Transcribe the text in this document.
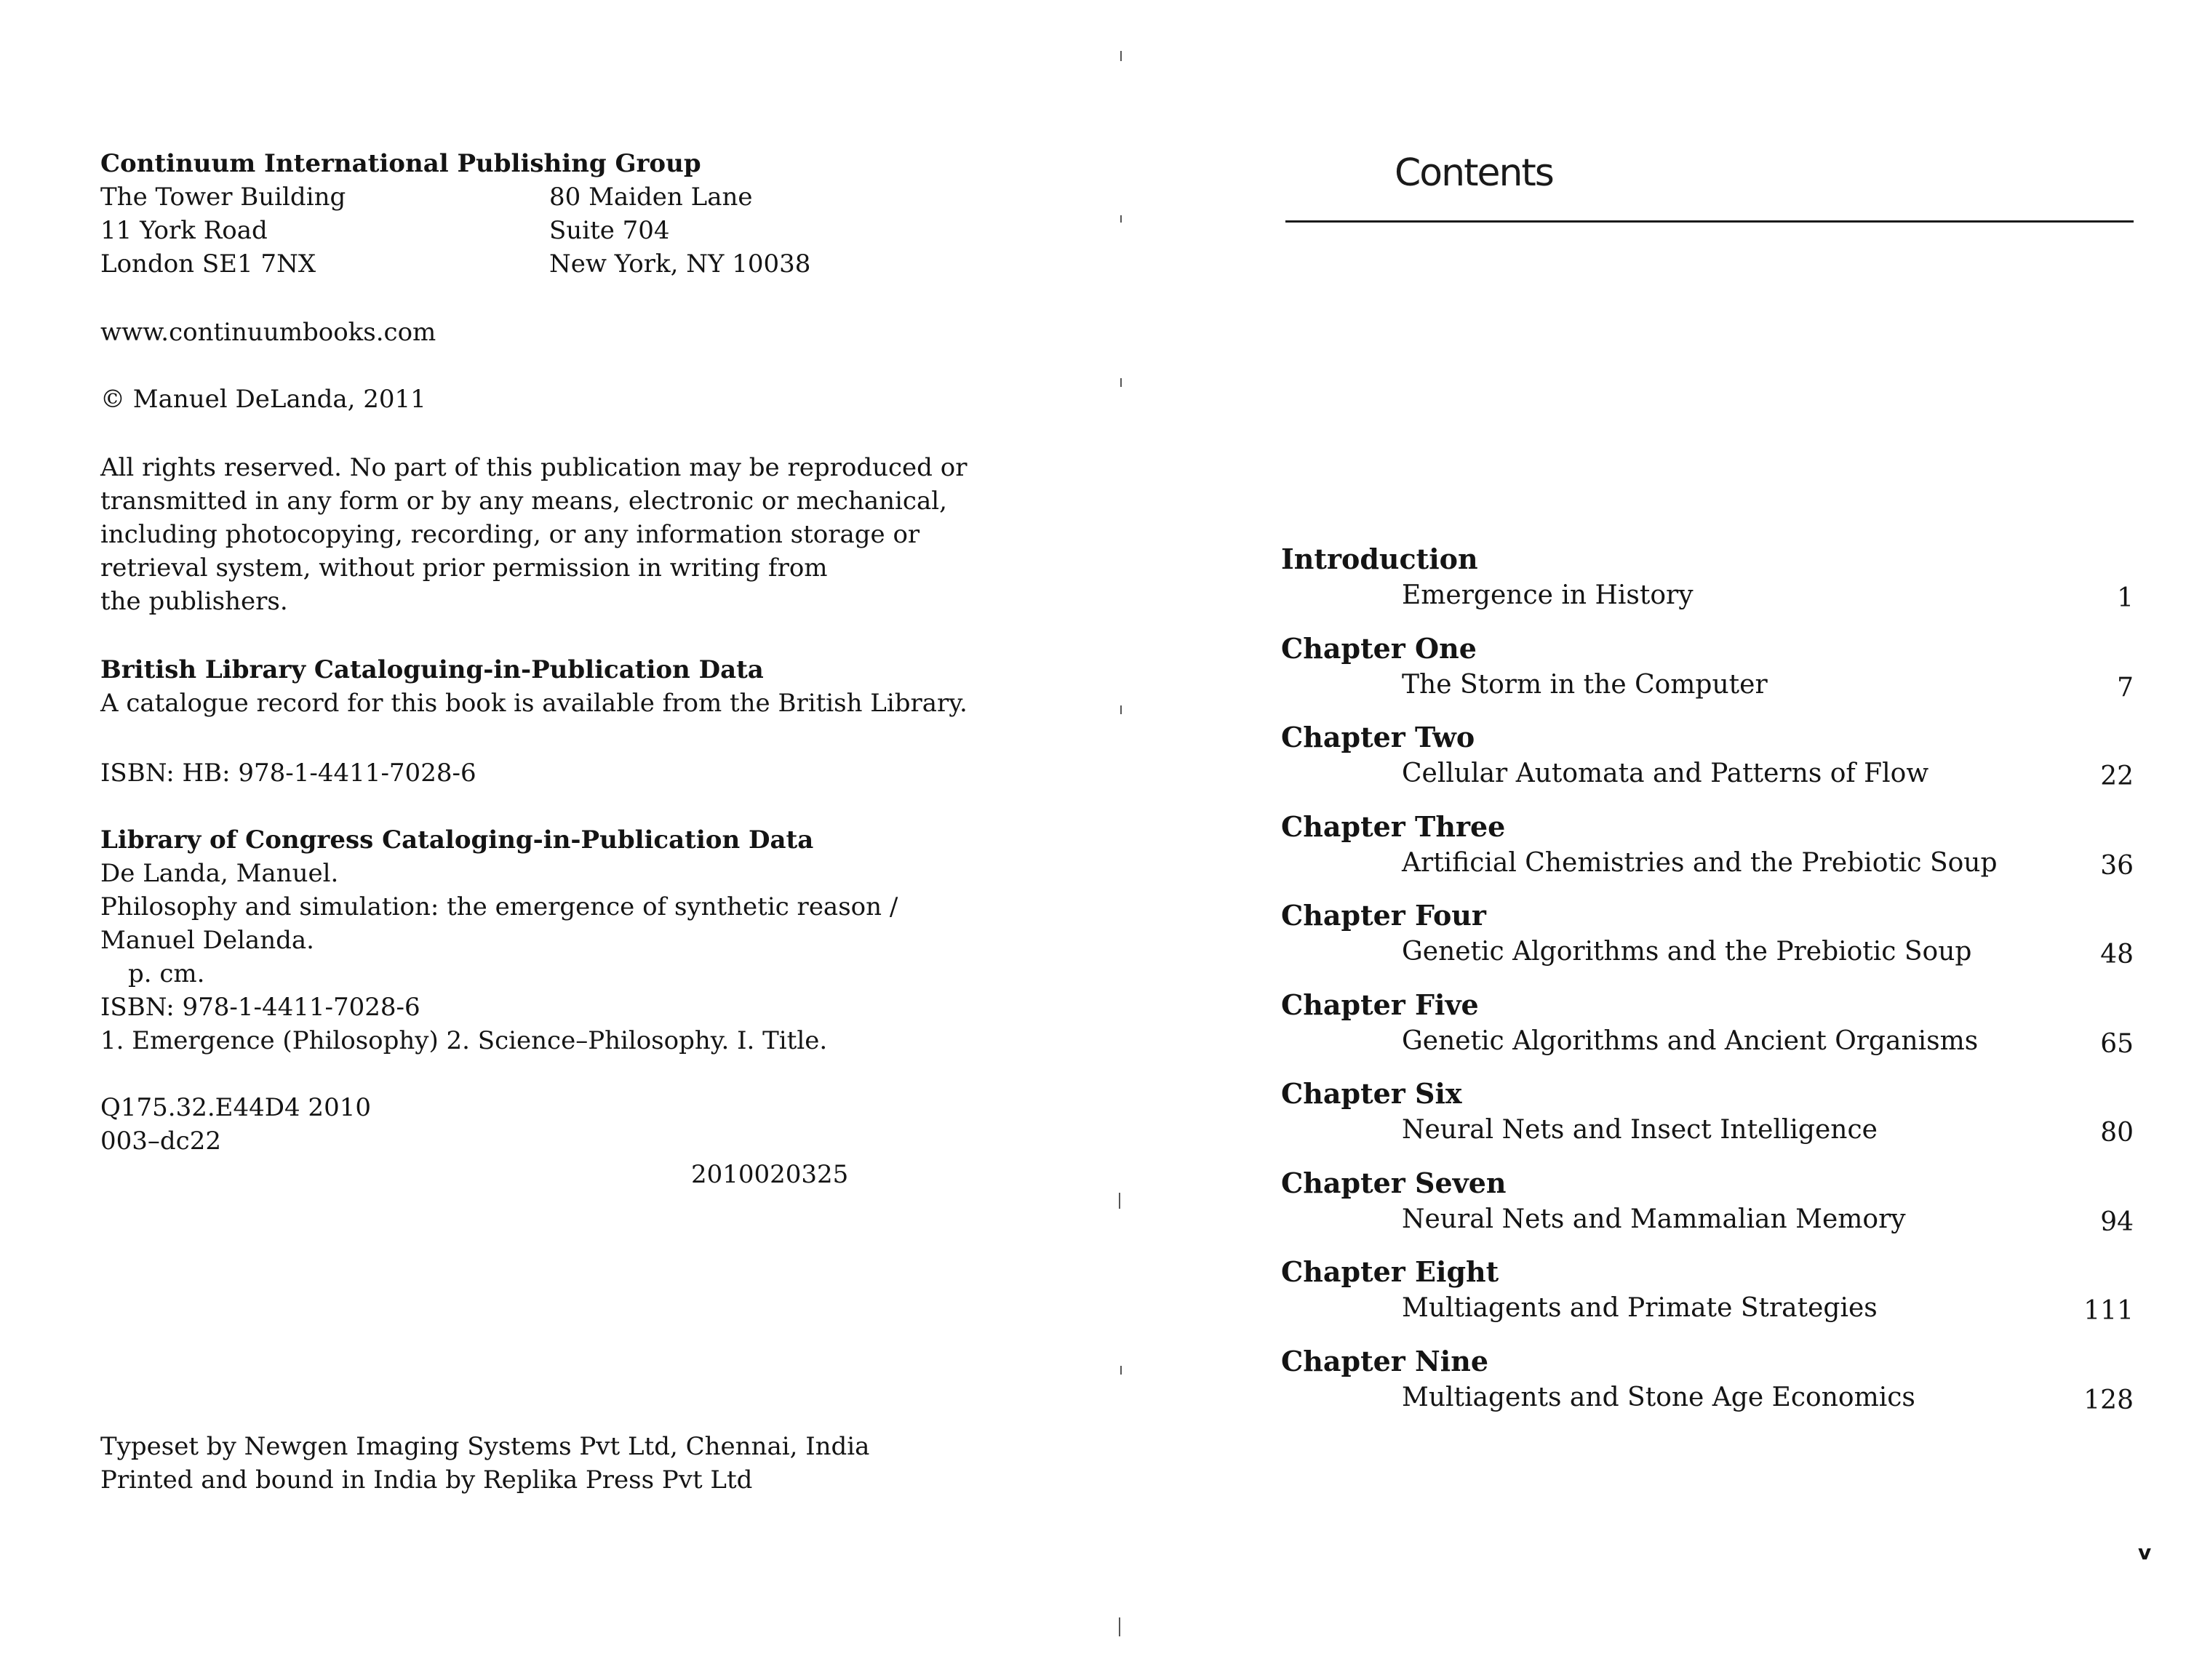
Continuum International Publishing Group
The Tower Building
11 York Road
London SE1 7NX
80 Maiden Lane
Suite 704
New York, NY 10038
www.continuumbooks.com
© Manuel DeLanda, 2011
All rights reserved. No part of this publication may be reproduced or
transmitted in any form or by any means, electronic or mechanical,
including photocopying, recording, or any information storage or
retrieval system, without prior permission in writing from
the publishers.
British Library Cataloguing-in-Publication Data
A catalogue record for this book is available from the British Library.
ISBN: HB: 978-1-4411-7028-6
Library of Congress Cataloging-in-Publication Data
De Landa, Manuel.
Philosophy and simulation: the emergence of synthetic reason /
Manuel Delanda.
p. cm.
ISBN: 978-1-4411-7028-6
1. Emergence (Philosophy) 2. Science–Philosophy. I. Title.
Q175.32.E44D4 2010
003–dc22
2010020325
Typeset by Newgen Imaging Systems Pvt Ltd, Chennai, India
Printed and bound in India by Replika Press Pvt Ltd
Contents
Introduction
Emergence in History	1
Chapter One
The Storm in the Computer	7
Chapter Two
Cellular Automata and Patterns of Flow	22
Chapter Three
Artificial Chemistries and the Prebiotic Soup	36
Chapter Four
Genetic Algorithms and the Prebiotic Soup	48
Chapter Five
Genetic Algorithms and Ancient Organisms	65
Chapter Six
Neural Nets and Insect Intelligence	80
Chapter Seven
Neural Nets and Mammalian Memory	94
Chapter Eight
Multiagents and Primate Strategies	111
Chapter Nine
Multiagents and Stone Age Economics	128
v
